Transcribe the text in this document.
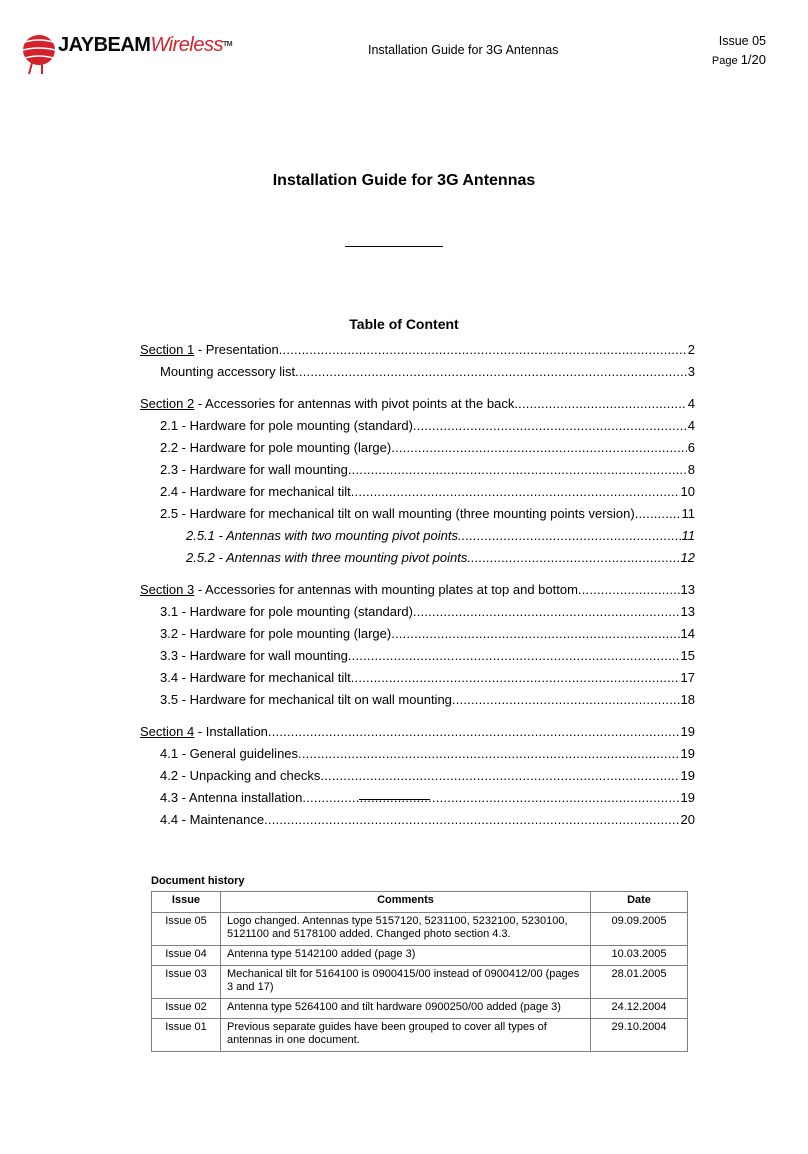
JAYBEAMWireless™	Installation Guide for 3G Antennas
Issue 05
Page 1/20
Installation Guide for 3G Antennas
Table of Content
Section 1 - Presentation .....	2
Mounting accessory list .....	3
Section 2 - Accessories for antennas with pivot points at the back .....	4
2.1 - Hardware for pole mounting (standard) .....	4
2.2 - Hardware for pole mounting (large) .....	6
2.3 - Hardware for wall mounting .....	8
2.4 - Hardware for mechanical tilt .....	10
2.5 - Hardware for mechanical tilt on wall mounting (three mounting points version) .....	11
2.5.1 - Antennas with two mounting pivot points .....	11
2.5.2 - Antennas with three mounting pivot points .....	12
Section 3 - Accessories for antennas with mounting plates at top and bottom .....	13
3.1 - Hardware for pole mounting (standard) .....	13
3.2 - Hardware for pole mounting (large) .....	14
3.3 - Hardware for wall mounting .....	15
3.4 - Hardware for mechanical tilt .....	17
3.5 - Hardware for mechanical tilt on wall mounting .....	18
Section 4 - Installation .....	19
4.1 - General guidelines .....	19
4.2 - Unpacking and checks .....	19
4.3 - Antenna installation .....	19
4.4 - Maintenance .....	20
Document history
Issue	Comments	Date
Issue 05	Logo changed. Antennas type 5157120, 5231100, 5232100, 5230100, 5121100 and 5178100 added. Changed photo section 4.3.	09.09.2005
Issue 04	Antenna type 5142100 added (page 3)	10.03.2005
Issue 03	Mechanical tilt for 5164100 is 0900415/00 instead of 0900412/00 (pages 3 and 17)	28.01.2005
Issue 02	Antenna type 5264100 and tilt hardware 0900250/00 added (page 3)	24.12.2004
Issue 01	Previous separate guides have been grouped to cover all types of antennas in one document.	29.10.2004
